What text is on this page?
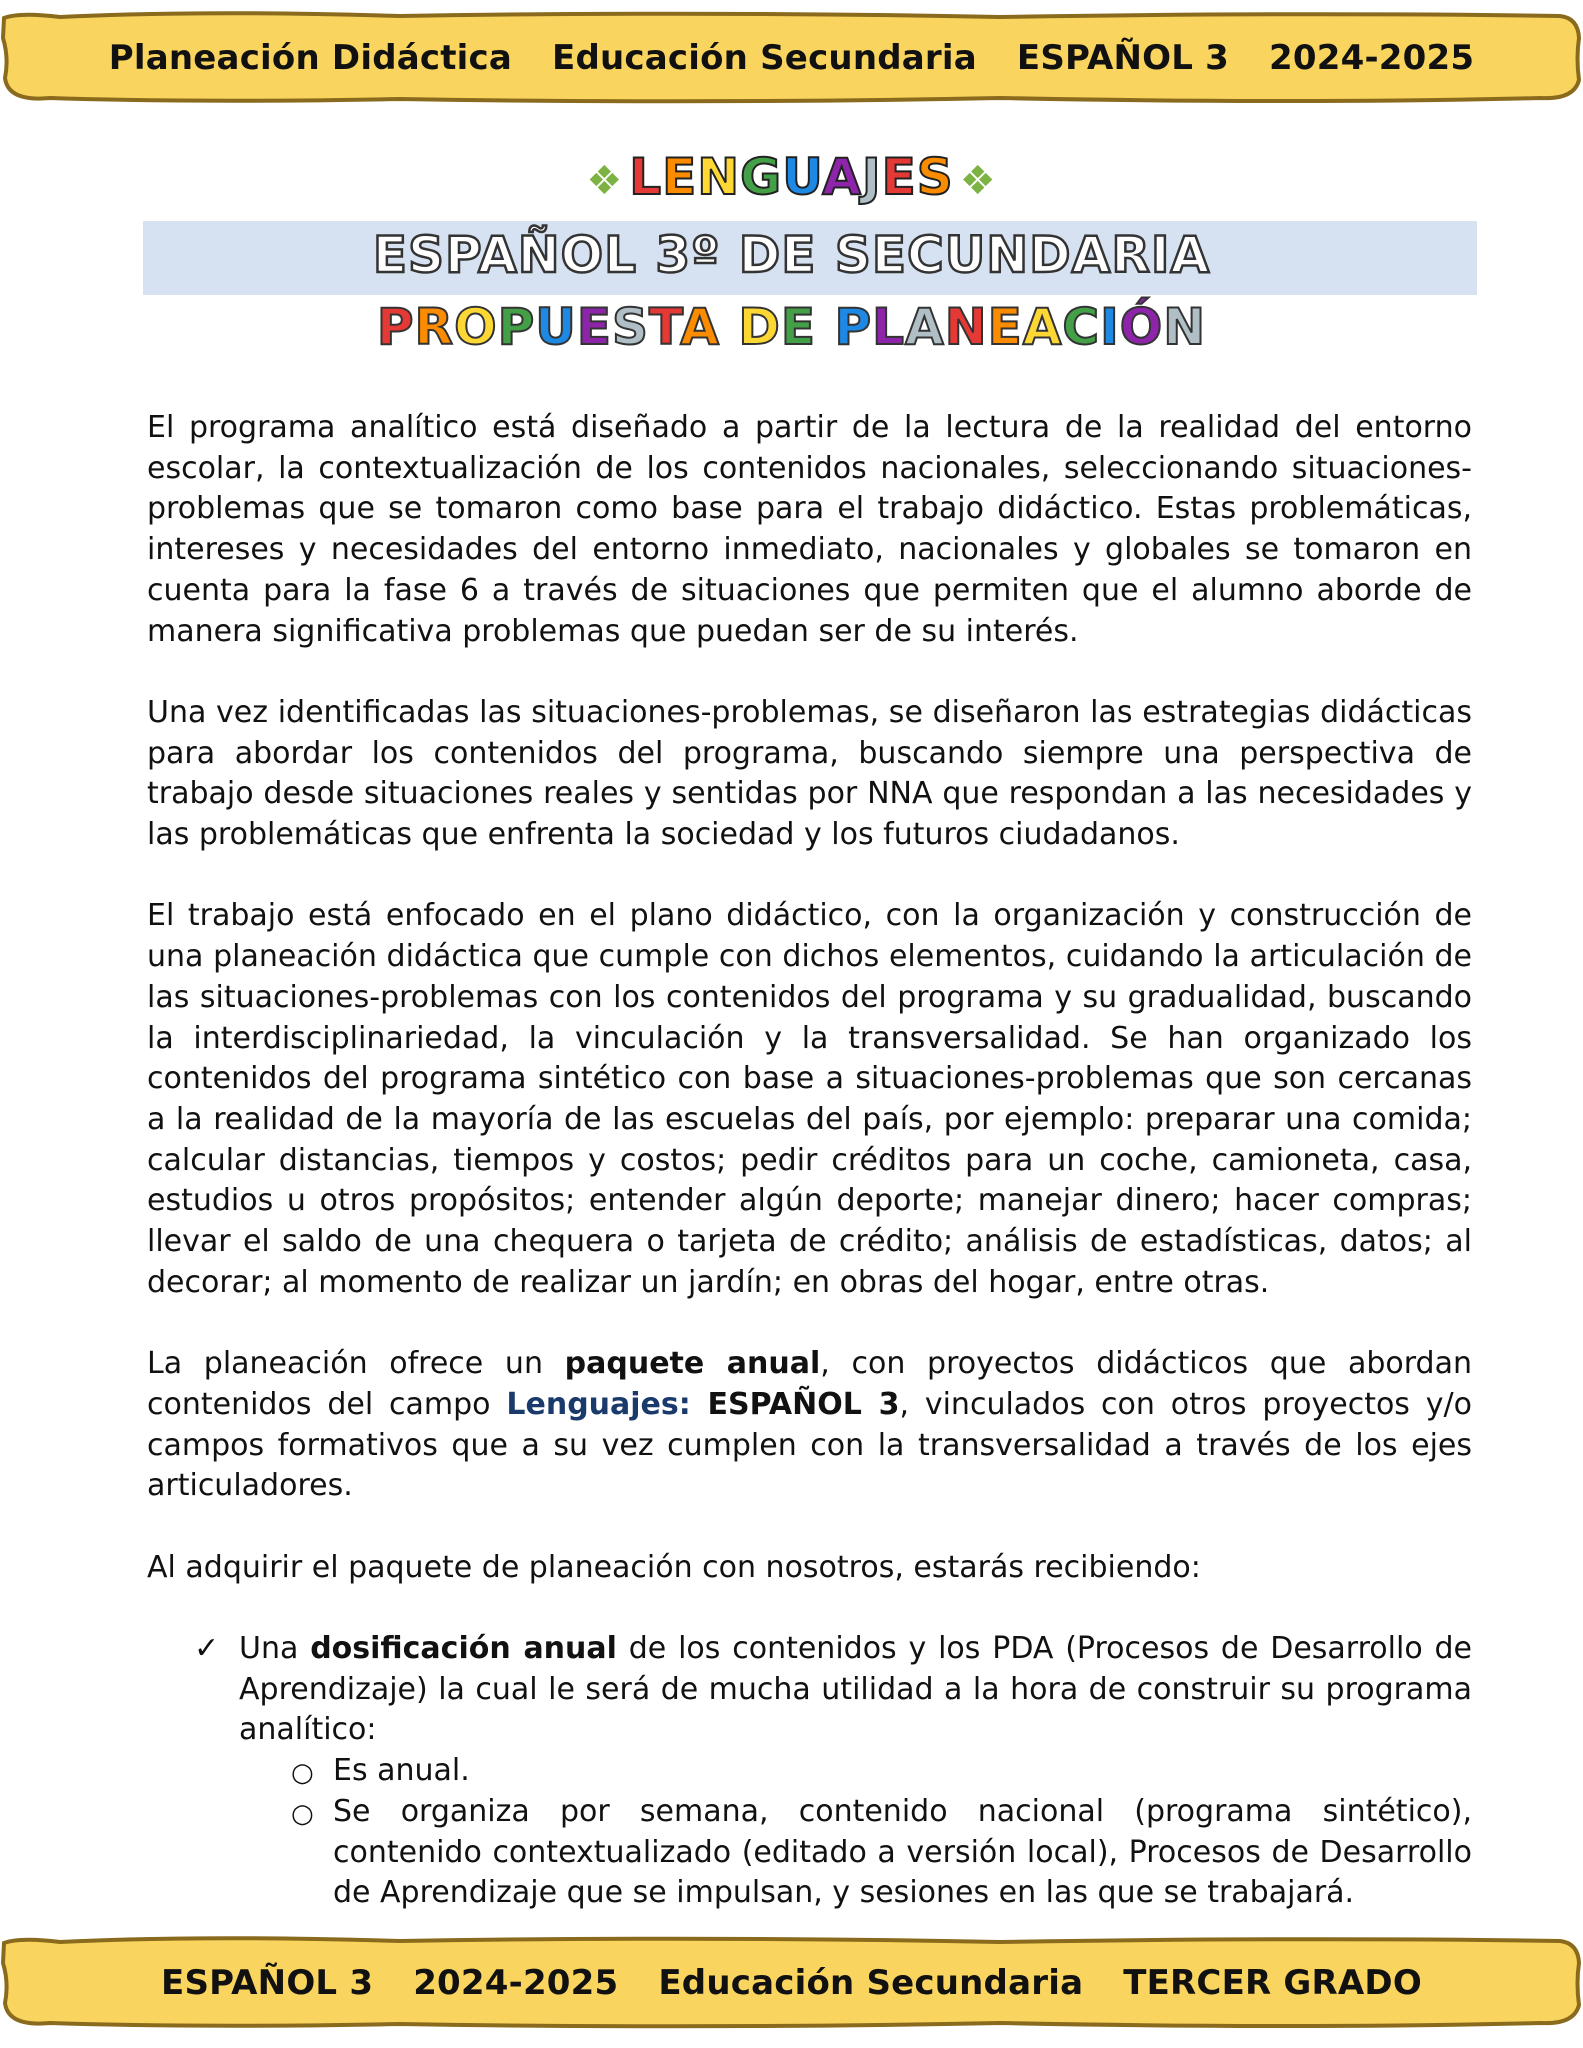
Planeación Didáctica Educación Secundaria ESPAÑOL 3 2024-2025
❖ LENGUAJES ❖
ESPAÑOL 3º DE SECUNDARIA
PROPUESTA DE PLANEACIÓN

El programa analítico está diseñado a partir de la lectura de la realidad del entorno escolar, la contextualización de los contenidos nacionales, seleccionando situaciones-problemas que se tomaron como base para el trabajo didáctico. Estas problemáticas, intereses y necesidades del entorno inmediato, nacionales y globales se tomaron en cuenta para la fase 6 a través de situaciones que permiten que el alumno aborde de manera significativa problemas que puedan ser de su interés.

Una vez identificadas las situaciones-problemas, se diseñaron las estrategias didácticas para abordar los contenidos del programa, buscando siempre una perspectiva de trabajo desde situaciones reales y sentidas por NNA que respondan a las necesidades y las problemáticas que enfrenta la sociedad y los futuros ciudadanos.

El trabajo está enfocado en el plano didáctico, con la organización y construcción de una planeación didáctica que cumple con dichos elementos, cuidando la articulación de las situaciones-problemas con los contenidos del programa y su gradualidad, buscando la interdisciplinariedad, la vinculación y la transversalidad. Se han organizado los contenidos del programa sintético con base a situaciones-problemas que son cercanas a la realidad de la mayoría de las escuelas del país, por ejemplo: preparar una comida; calcular distancias, tiempos y costos; pedir créditos para un coche, camioneta, casa, estudios u otros propósitos; entender algún deporte; manejar dinero; hacer compras; llevar el saldo de una chequera o tarjeta de crédito; análisis de estadísticas, datos; al decorar; al momento de realizar un jardín; en obras del hogar, entre otras.

La planeación ofrece un paquete anual, con proyectos didácticos que abordan contenidos del campo Lenguajes: ESPAÑOL 3, vinculados con otros proyectos y/o campos formativos que a su vez cumplen con la transversalidad a través de los ejes articuladores.

Al adquirir el paquete de planeación con nosotros, estarás recibiendo:

✓ Una dosificación anual de los contenidos y los PDA (Procesos de Desarrollo de Aprendizaje) la cual le será de mucha utilidad a la hora de construir su programa analítico:
○ Es anual.
○ Se organiza por semana, contenido nacional (programa sintético), contenido contextualizado (editado a versión local), Procesos de Desarrollo de Aprendizaje que se impulsan, y sesiones en las que se trabajará.
ESPAÑOL 3 2024-2025 Educación Secundaria TERCER GRADO
